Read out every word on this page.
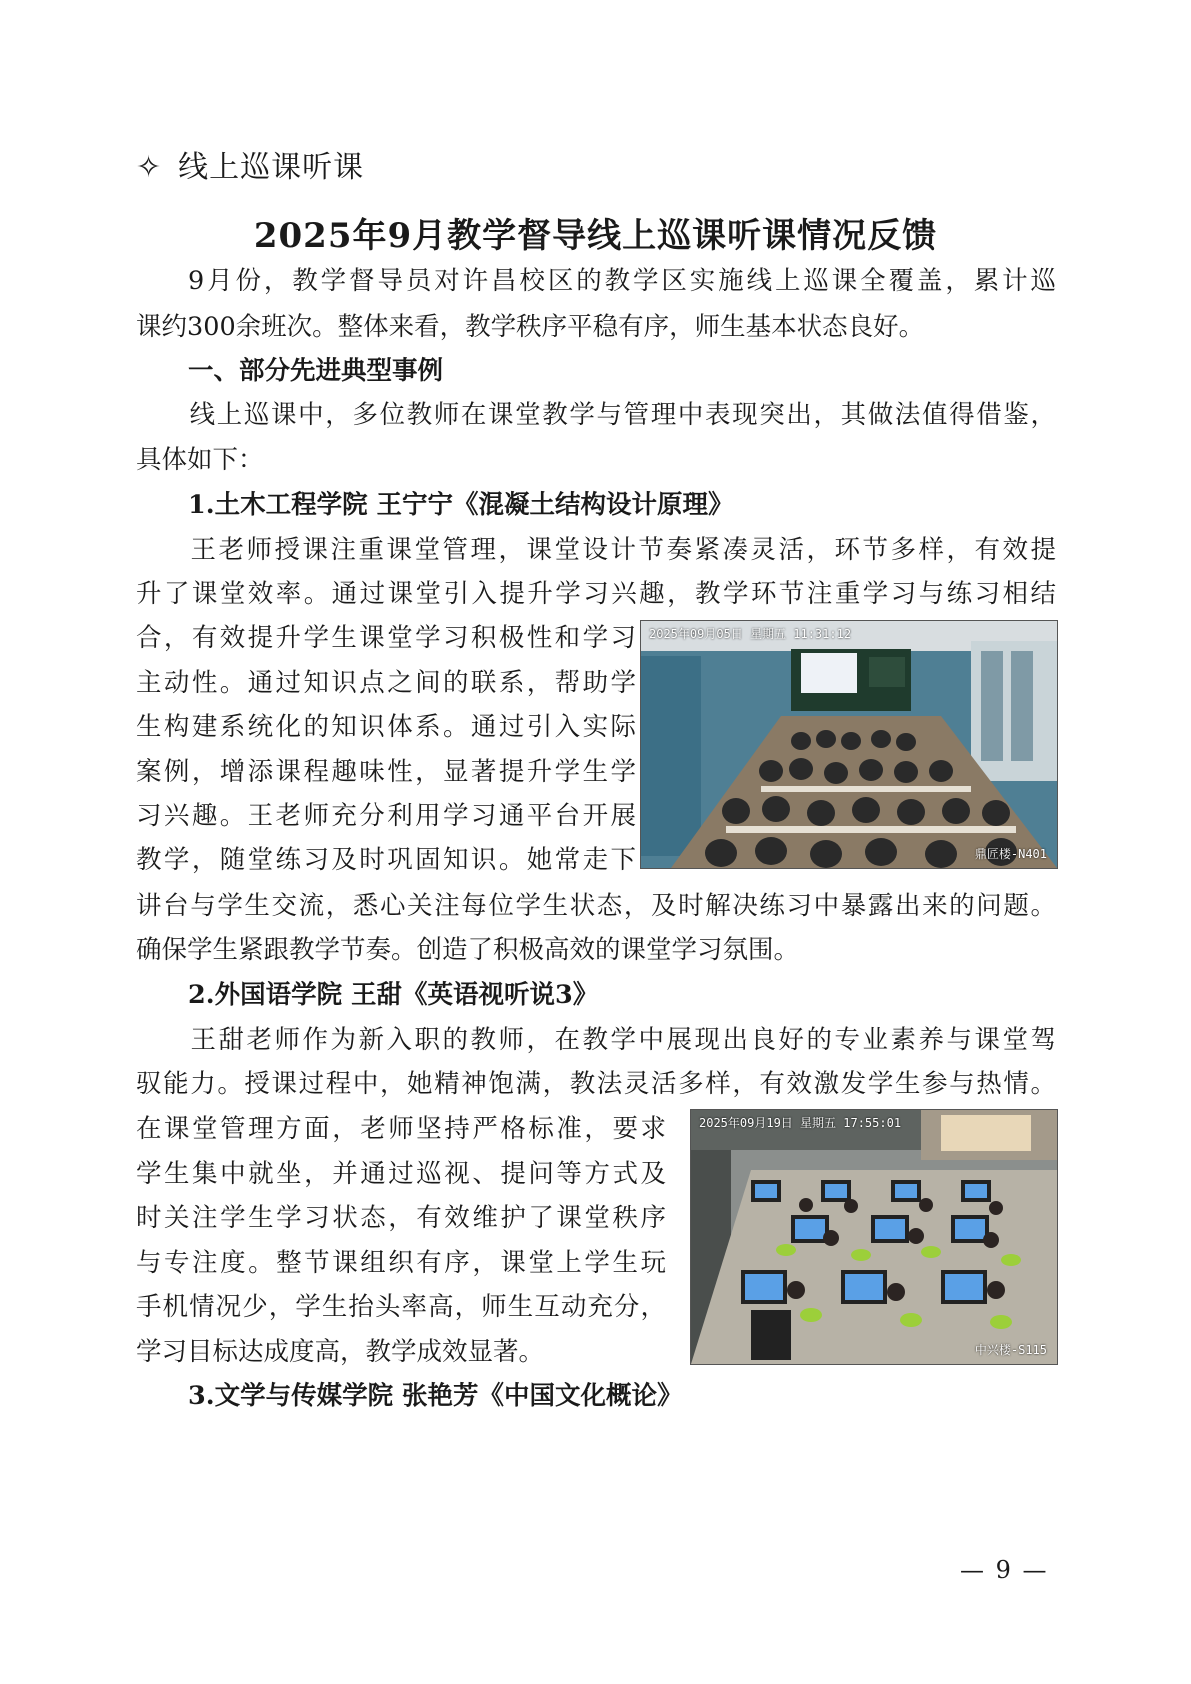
✧ 线上巡课听课
2025年9月教学督导线上巡课听课情况反馈
9月份，教学督导员对许昌校区的教学区实施线上巡课全覆盖，累计巡
课约300余班次。整体来看，教学秩序平稳有序，师生基本状态良好。
一、部分先进典型事例
线上巡课中，多位教师在课堂教学与管理中表现突出，其做法值得借鉴，
具体如下：
1.土木工程学院 王宁宁《混凝土结构设计原理》
王老师授课注重课堂管理，课堂设计节奏紧凑灵活，环节多样，有效提
升了课堂效率。通过课堂引入提升学习兴趣，教学环节注重学习与练习相结
合，有效提升学生课堂学习积极性和学习
主动性。通过知识点之间的联系，帮助学
生构建系统化的知识体系。通过引入实际
案例，增添课程趣味性，显著提升学生学
习兴趣。王老师充分利用学习通平台开展
教学，随堂练习及时巩固知识。她常走下
2025年09月05日 星期五 11:31:12
鼎匠楼-N401
讲台与学生交流，悉心关注每位学生状态，及时解决练习中暴露出来的问题。
确保学生紧跟教学节奏。创造了积极高效的课堂学习氛围。
2.外国语学院 王甜《英语视听说3》
王甜老师作为新入职的教师，在教学中展现出良好的专业素养与课堂驾
驭能力。授课过程中，她精神饱满，教法灵活多样，有效激发学生参与热情。
在课堂管理方面，老师坚持严格标准，要求
学生集中就坐，并通过巡视、提问等方式及
时关注学生学习状态，有效维护了课堂秩序
与专注度。整节课组织有序，课堂上学生玩
手机情况少，学生抬头率高，师生互动充分，
学习目标达成度高，教学成效显著。
2025年09月19日 星期五 17:55:01
中兴楼-S115
3.文学与传媒学院 张艳芳《中国文化概论》
— 9 —
